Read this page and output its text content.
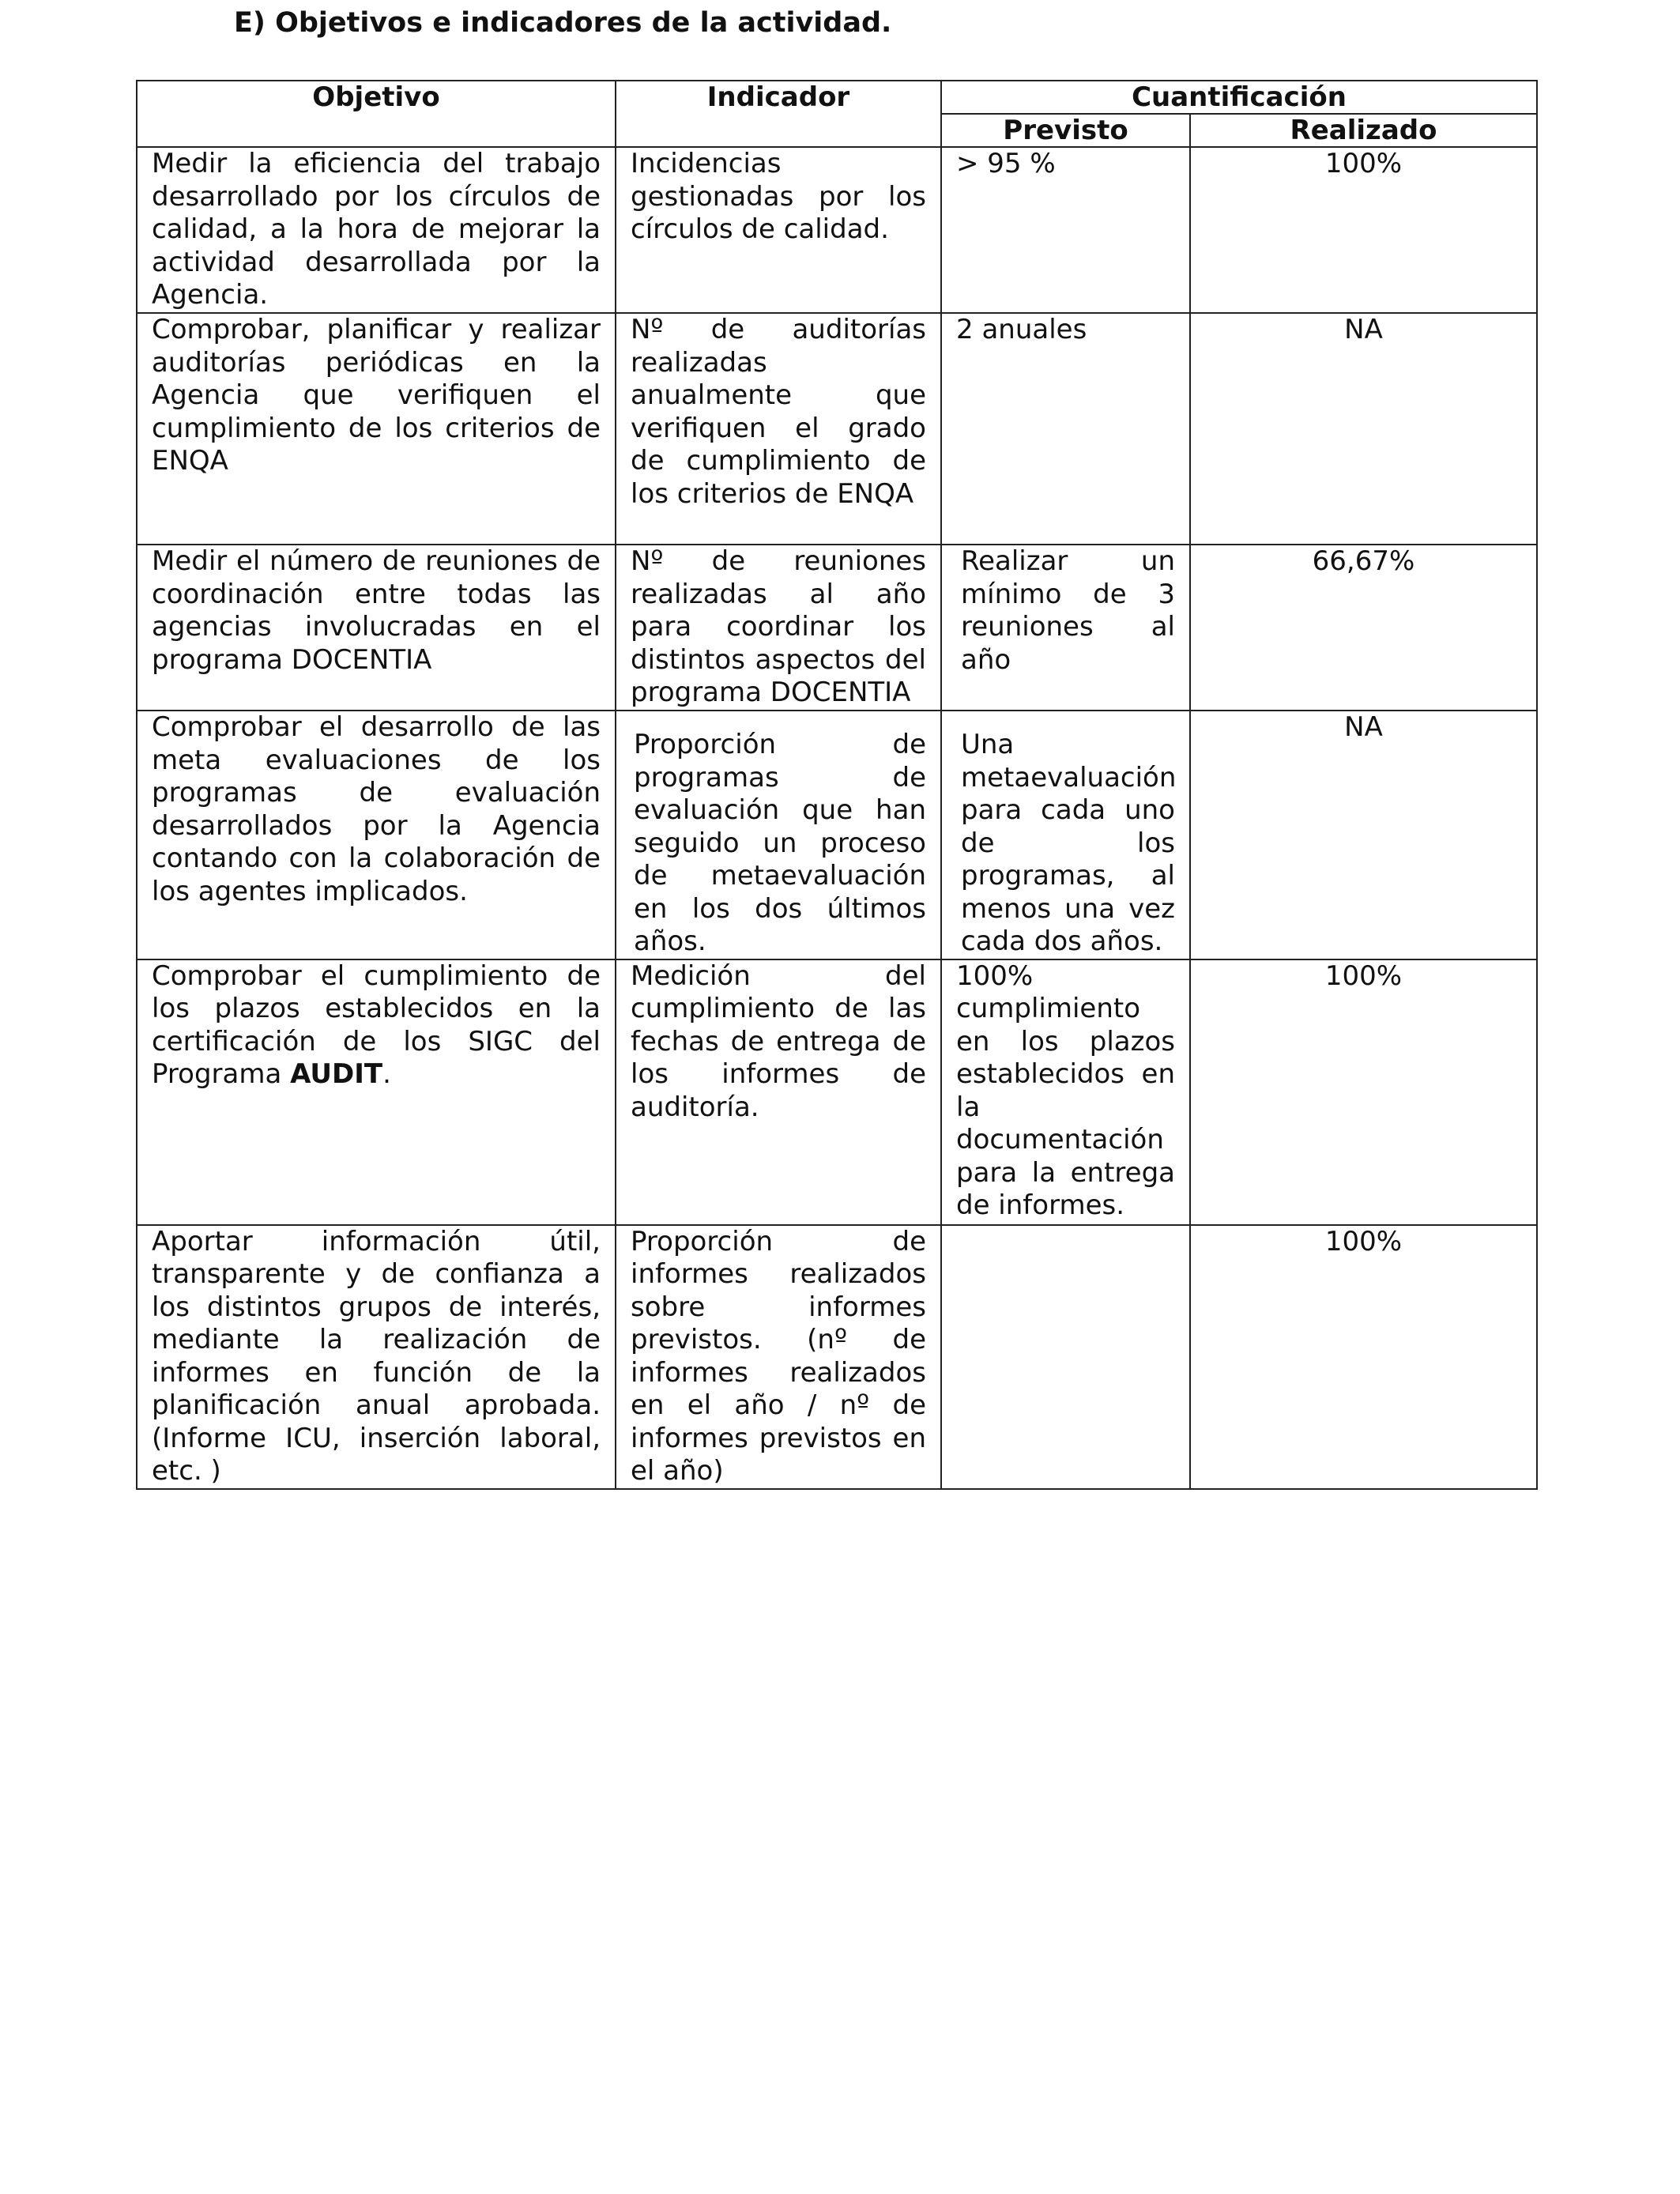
E) Objetivos e indicadores de la actividad.
Objetivo	Indicador	Cuantificación	
		Previsto	Realizado
Medir la eficiencia del trabajo desarrollado por los círculos de calidad, a la hora de mejorar la actividad desarrollada por la Agencia.	Incidencias gestionadas por los círculos de calidad.	> 95 %	100%
Comprobar, planificar y realizar auditorías periódicas en la Agencia que verifiquen el cumplimiento de los criterios de ENQA	Nº de auditorías realizadas anualmente que verifiquen el grado de cumplimiento de los criterios de ENQA	2 anuales	NA
Medir el número de reuniones de coordinación entre todas las agencias involucradas en el programa DOCENTIA	Nº de reuniones realizadas al año para coordinar los distintos aspectos del programa DOCENTIA	Realizar un mínimo de 3 reuniones al año	66,67%
Comprobar el desarrollo de las meta evaluaciones de los programas de evaluación desarrollados por la Agencia contando con la colaboración de los agentes implicados.	Proporción de programas de evaluación que han seguido un proceso de metaevaluación en los dos últimos años.	Una metaevaluación para cada uno de los programas, al menos una vez cada dos años.	NA
Comprobar el cumplimiento de los plazos establecidos en la certificación de los SIGC del Programa AUDIT.	Medición del cumplimiento de las fechas de entrega de los informes de auditoría.	100% cumplimiento en los plazos establecidos en la documentación para la entrega de informes.	100%
Aportar información útil, transparente y de confianza a los distintos grupos de interés, mediante la realización de informes en función de la planificación anual aprobada. (Informe ICU, inserción laboral, etc. )	Proporción de informes realizados sobre informes previstos. (nº de informes realizados en el año / nº de informes previstos en el año)		100%
